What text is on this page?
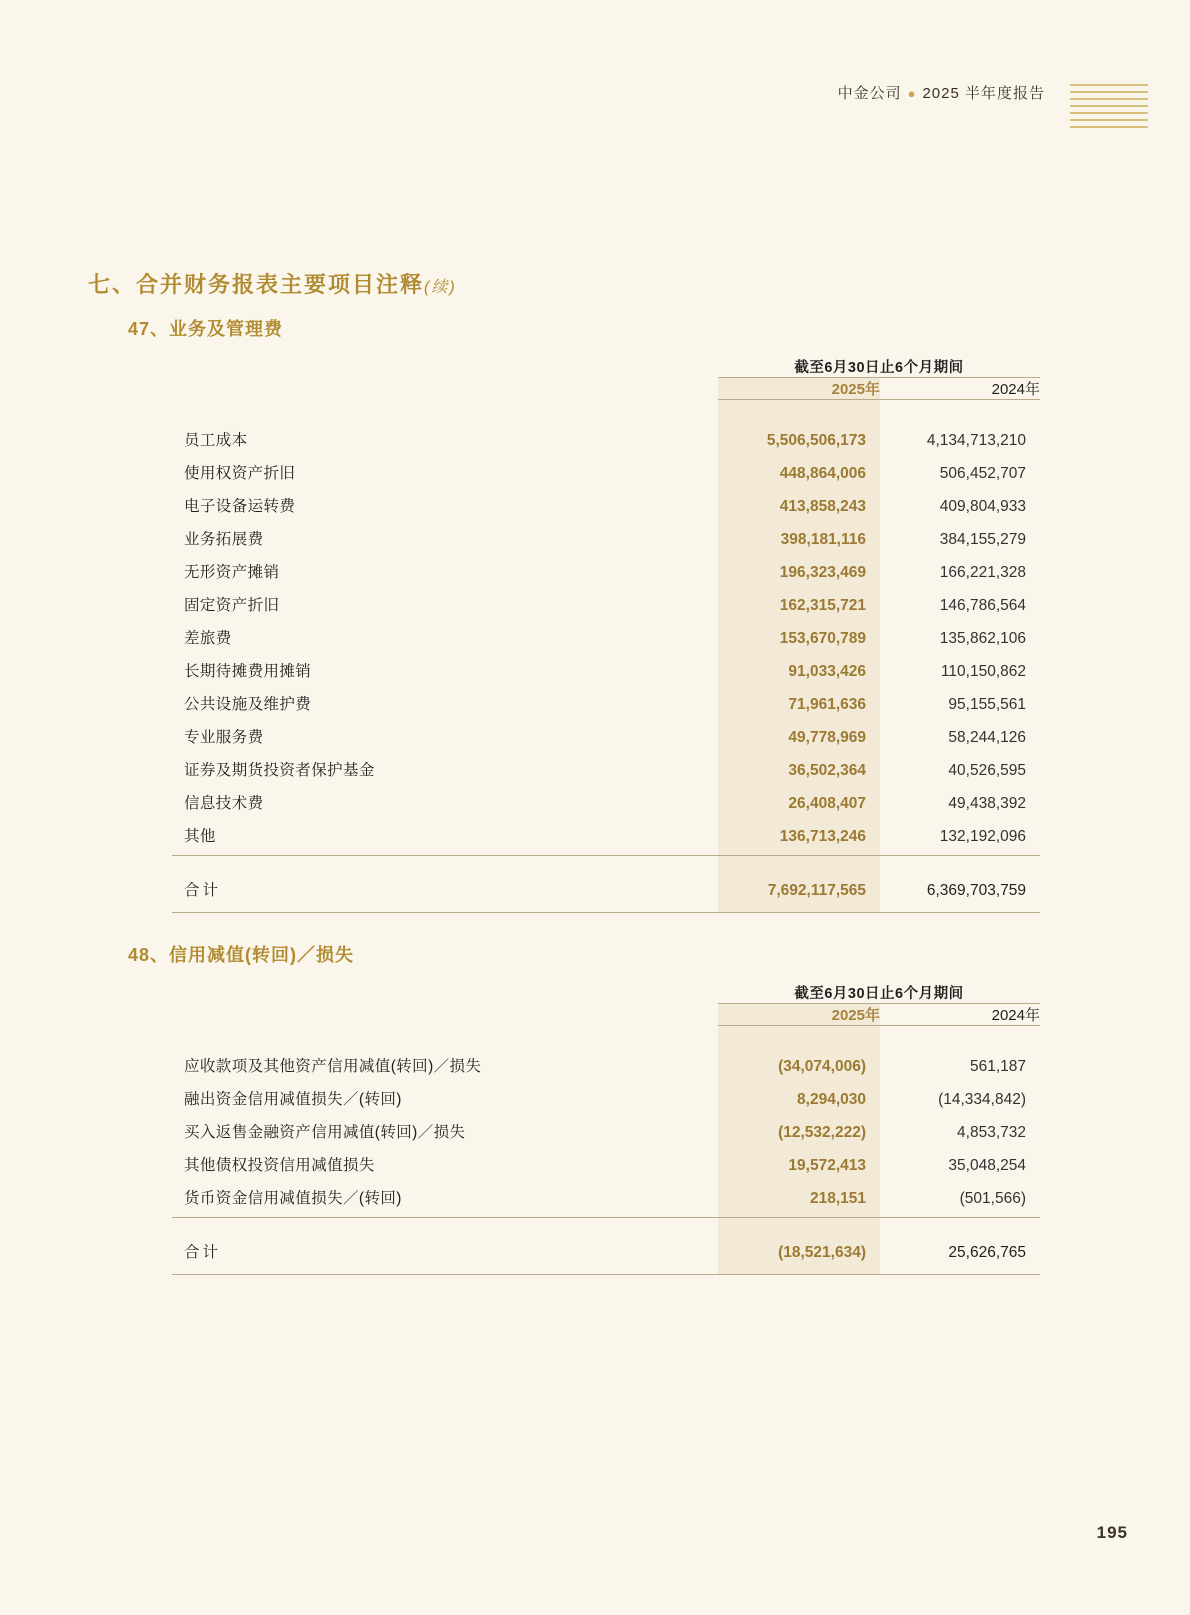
中金公司 ● 2025 半年度报告
七、合并财务报表主要项目注释(续)
47、业务及管理费
	截至6月30日止6个月期间	
	2025年	2024年

员工成本	5,506,506,173	4,134,713,210
使用权资产折旧	448,864,006	506,452,707
电子设备运转费	413,858,243	409,804,933
业务拓展费	398,181,116	384,155,279
无形资产摊销	196,323,469	166,221,328
固定资产折旧	162,315,721	146,786,564
差旅费	153,670,789	135,862,106
长期待摊费用摊销	91,033,426	110,150,862
公共设施及维护费	71,961,636	95,155,561
专业服务费	49,778,969	58,244,126
证券及期货投资者保护基金	36,502,364	40,526,595
信息技术费	26,408,407	49,438,392
其他	136,713,246	132,192,096

合计	7,692,117,565	6,369,703,759

48、信用减值(转回)／损失
	截至6月30日止6个月期间	
	2025年	2024年

应收款项及其他资产信用减值(转回)／损失	(34,074,006)	561,187
融出资金信用减值损失／(转回)	8,294,030	(14,334,842)
买入返售金融资产信用减值(转回)／损失	(12,532,222)	4,853,732
其他债权投资信用减值损失	19,572,413	35,048,254
货币资金信用减值损失／(转回)	218,151	(501,566)

合计	(18,521,634)	25,626,765

195
